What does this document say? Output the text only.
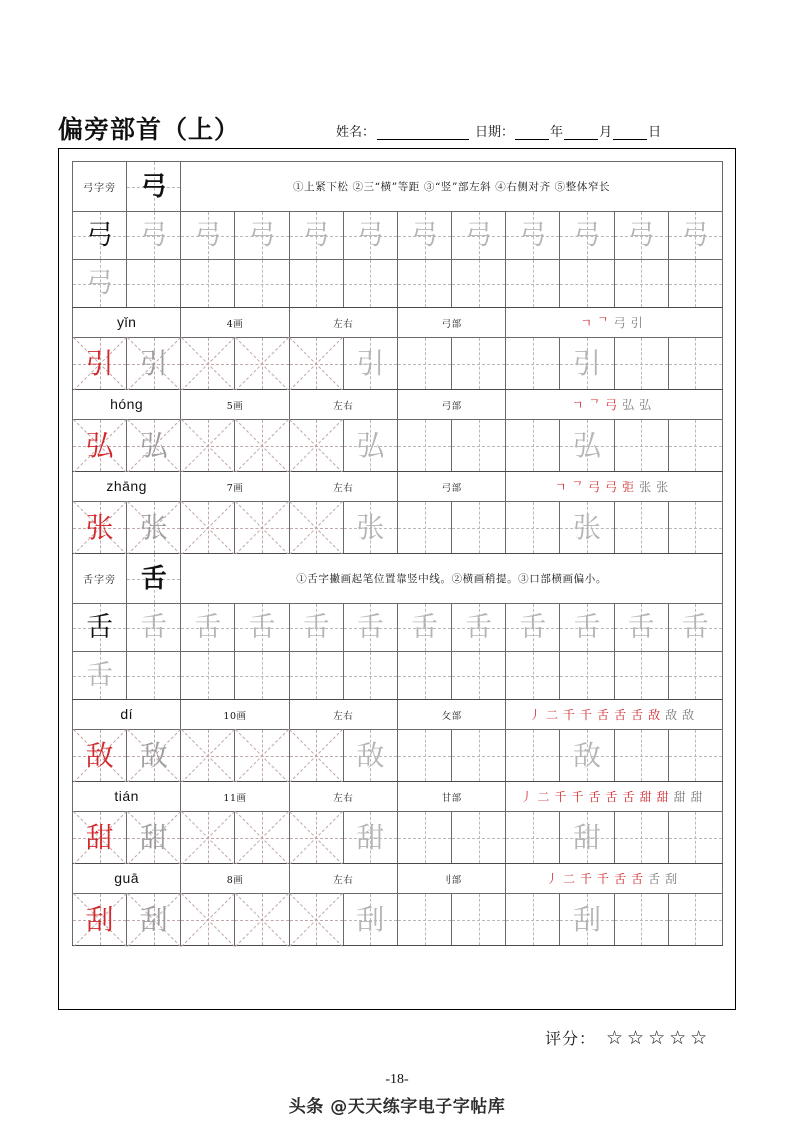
偏旁部首（上）	姓名：	日期：	年	月	日
弓字旁	弓	①上紧下松 ②三“横”等距 ③“竖”部左斜 ④右侧对齐 ⑤整体窄长									
弓	弓	弓	弓	弓	弓	弓	弓	弓	弓	弓	弓
弓											
yǐn		4画		左右		弓部		ㄱᄀ弓引			

引	引				引				引		
hóng		5画		左右		弓部		ㄱᄀ弓弘弘			

弘	弘				弘				弘		
zhāng		7画		左右		弓部		ㄱᄀ弓弓弡张张			

张	张				张				张		
舌字旁	舌	①舌字撇画起笔位置靠竖中线。②横画稍提。③口部横画偏小。									
舌	舌	舌	舌	舌	舌	舌	舌	舌	舌	舌	舌
舌											
dí		10画		左右		攵部		丿二千千舌舌舌敌敌敌			

敌	敌				敌				敌		
tián		11画		左右		甘部		丿二千千舌舌舌甜甜甜甜			

甜	甜				甜				甜		
guā		8画		左右		刂部		丿二千千舌舌舌刮			

刮	刮				刮				刮		
评分： ☆☆☆☆☆
-18-
头条 @天天练字电子字帖库
